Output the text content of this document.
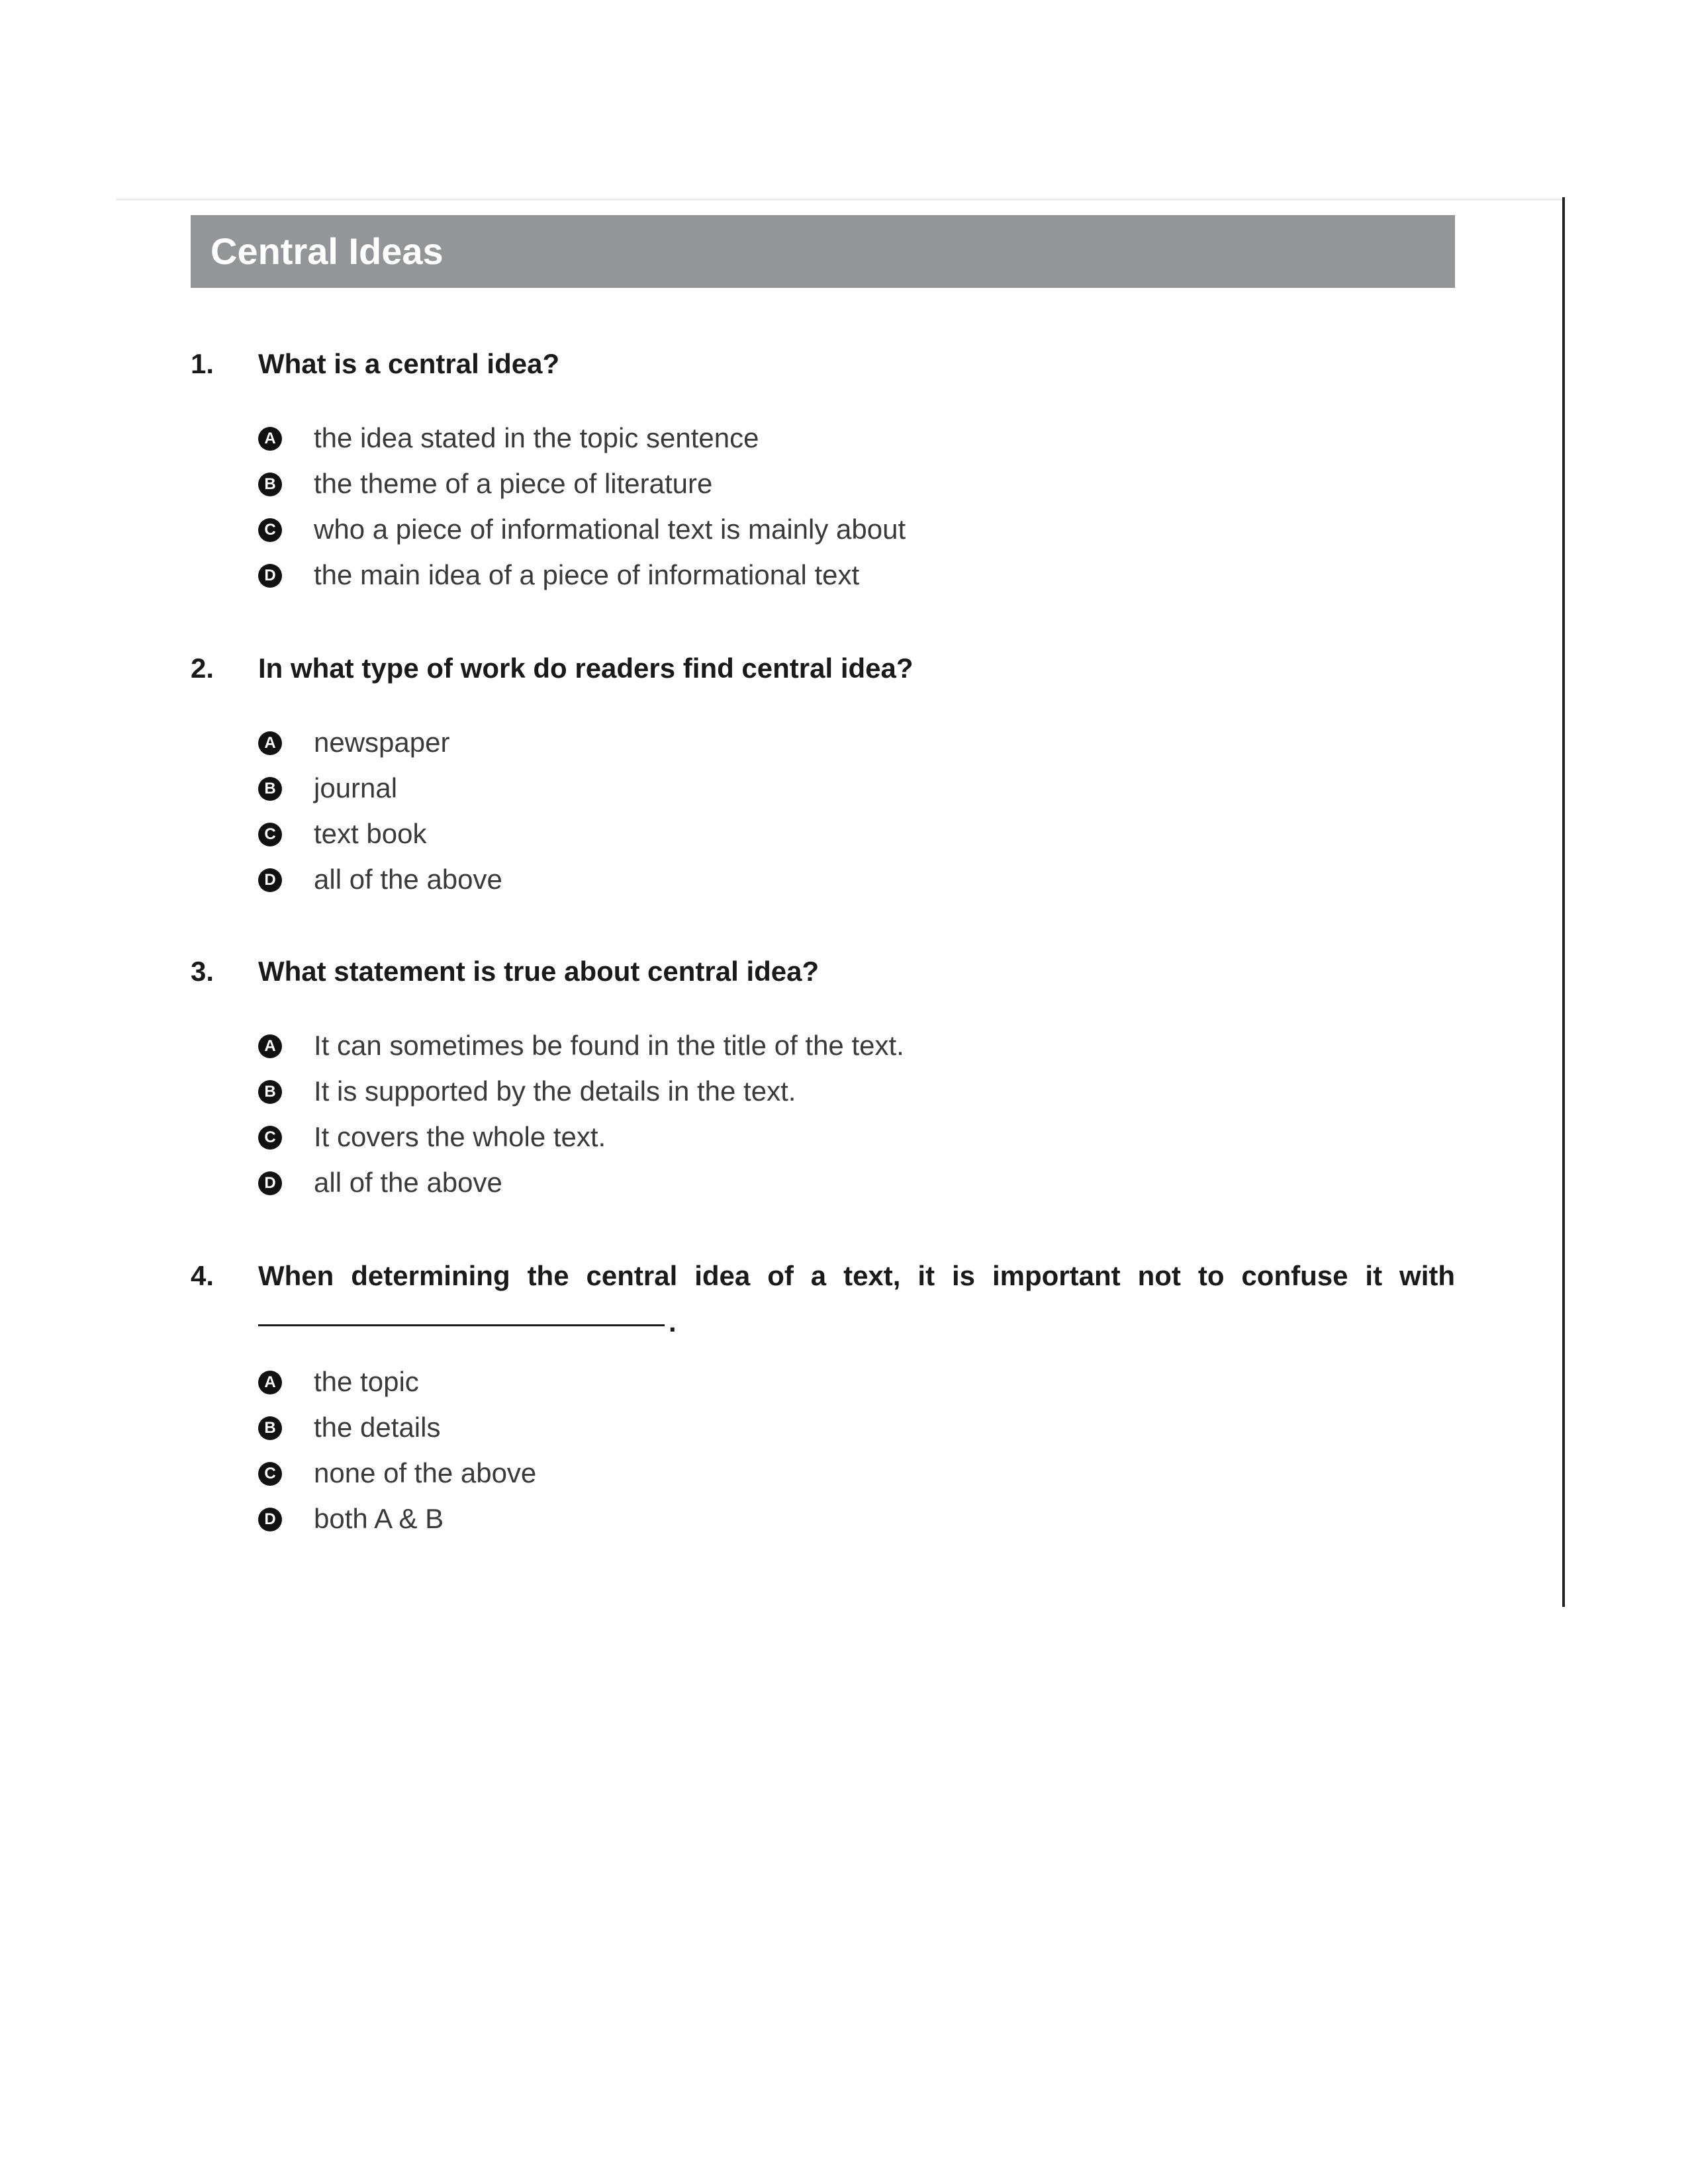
Central Ideas
1. What is a central idea?
A the idea stated in the topic sentence
B the theme of a piece of literature
C who a piece of informational text is mainly about
D the main idea of a piece of informational text
2. In what type of work do readers find central idea?
A newspaper
B journal
C text book
D all of the above
3. What statement is true about central idea?
A It can sometimes be found in the title of the text.
B It is supported by the details in the text.
C It covers the whole text.
D all of the above
4. When determining the central idea of a text, it is important not to confuse it with
.
A the topic
B the details
C none of the above
D both A & B
